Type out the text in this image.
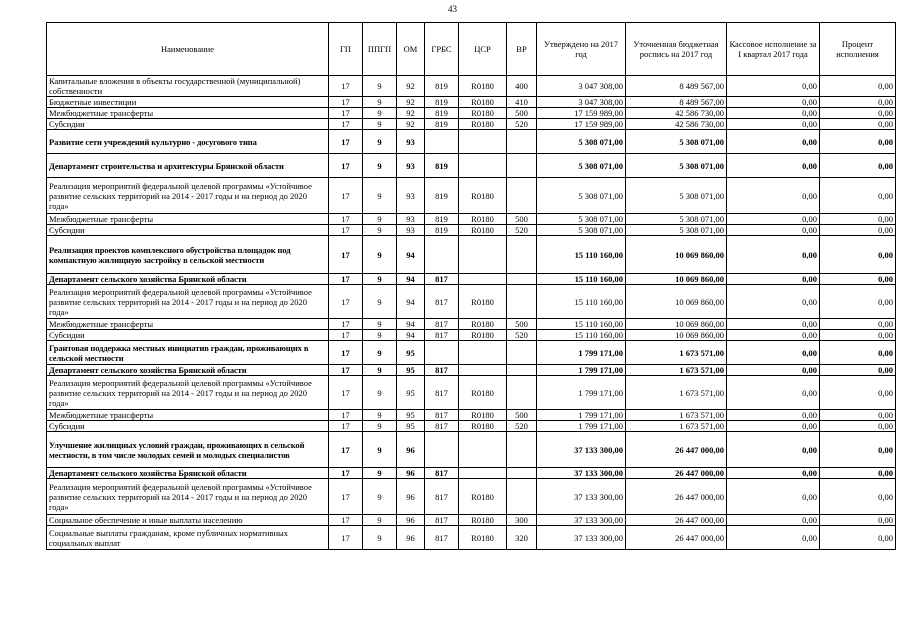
43
Наименование	ГП	ППГП	ОМ	ГРБС	ЦСР	ВР	Утверждено на 2017 год	Уточненная бюджетная роспись на 2017 год	Кассовое исполнение за I квартал 2017 года	Процент исполнения
Капитальные вложения в объекты государственной (муниципальной) собственности	17	9	92	819	R0180	400	3 047 308,00	8 489 567,00	0,00	0,00
Бюджетные инвестиции	17	9	92	819	R0180	410	3 047 308,00	8 489 567,00	0,00	0,00
Межбюджетные трансферты	17	9	92	819	R0180	500	17 159 989,00	42 586 730,00	0,00	0,00
Субсидии	17	9	92	819	R0180	520	17 159 989,00	42 586 730,00	0,00	0,00
Развитие сети учреждений культурно - досугового типа	17	9	93				5 308 071,00	5 308 071,00	0,00	0,00
Департамент строительства и архитектуры Брянской области	17	9	93	819			5 308 071,00	5 308 071,00	0,00	0,00
Реализация мероприятий федеральной целевой программы «Устойчивое развитие сельских территорий на 2014 - 2017 годы и на период до 2020 года»	17	9	93	819	R0180		5 308 071,00	5 308 071,00	0,00	0,00
Межбюджетные трансферты	17	9	93	819	R0180	500	5 308 071,00	5 308 071,00	0,00	0,00
Субсидии	17	9	93	819	R0180	520	5 308 071,00	5 308 071,00	0,00	0,00
Реализация проектов комплексного обустройства площадок под компактную жилищную застройку в сельской местности	17	9	94				15 110 160,00	10 069 860,00	0,00	0,00
Департамент сельского хозяйства Брянской области	17	9	94	817			15 110 160,00	10 069 860,00	0,00	0,00
Реализация мероприятий федеральной целевой программы «Устойчивое развитие сельских территорий на 2014 - 2017 годы и на период до 2020 года»	17	9	94	817	R0180		15 110 160,00	10 069 860,00	0,00	0,00
Межбюджетные трансферты	17	9	94	817	R0180	500	15 110 160,00	10 069 860,00	0,00	0,00
Субсидии	17	9	94	817	R0180	520	15 110 160,00	10 069 860,00	0,00	0,00
Грантовая поддержка местных инициатив граждан, проживающих в сельской местности	17	9	95				1 799 171,00	1 673 571,00	0,00	0,00
Департамент сельского хозяйства Брянской области	17	9	95	817			1 799 171,00	1 673 571,00	0,00	0,00
Реализация мероприятий федеральной целевой программы «Устойчивое развитие сельских территорий на 2014 - 2017 годы и на период до 2020 года»	17	9	95	817	R0180		1 799 171,00	1 673 571,00	0,00	0,00
Межбюджетные трансферты	17	9	95	817	R0180	500	1 799 171,00	1 673 571,00	0,00	0,00
Субсидии	17	9	95	817	R0180	520	1 799 171,00	1 673 571,00	0,00	0,00
Улучшение жилищных условий граждан, проживающих в сельской местности, в том числе молодых семей и молодых специалистов	17	9	96				37 133 300,00	26 447 000,00	0,00	0,00
Департамент сельского хозяйства Брянской области	17	9	96	817			37 133 300,00	26 447 000,00	0,00	0,00
Реализация мероприятий федеральной целевой программы «Устойчивое развитие сельских территорий на 2014 - 2017 годы и на период до 2020 года»	17	9	96	817	R0180		37 133 300,00	26 447 000,00	0,00	0,00
Социальное обеспечение и иные выплаты населению	17	9	96	817	R0180	300	37 133 300,00	26 447 000,00	0,00	0,00
Социальные выплаты гражданам, кроме публичных нормативных социальных выплат	17	9	96	817	R0180	320	37 133 300,00	26 447 000,00	0,00	0,00
